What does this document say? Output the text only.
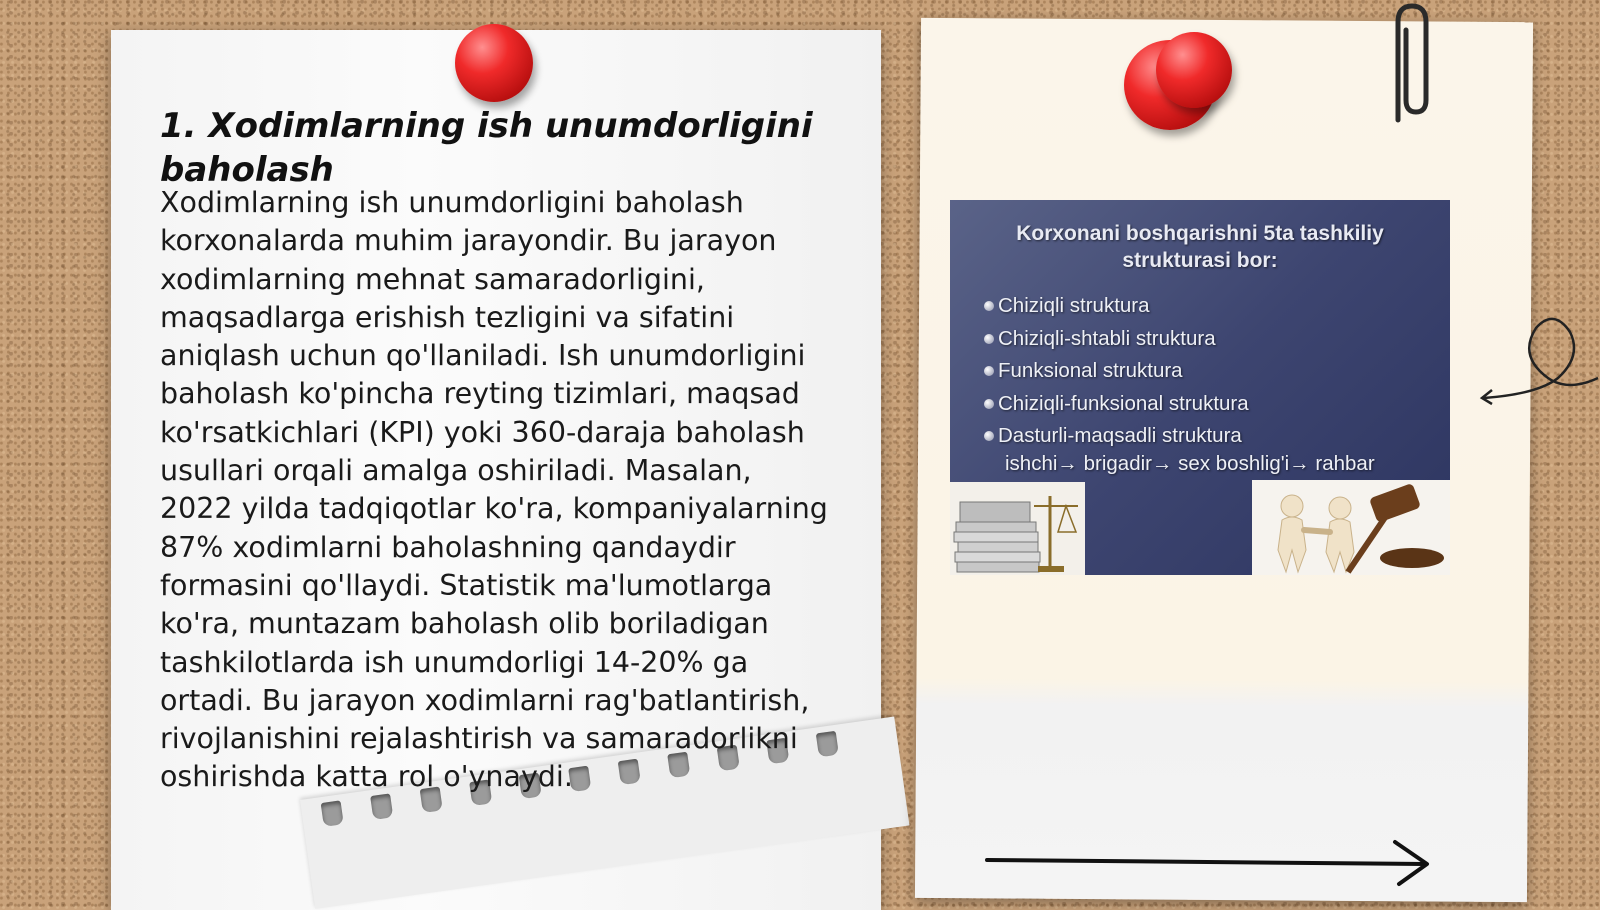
1. Xodimlarning ish unumdorligini baholash

Xodimlarning ish unumdorligini baholash korxonalarda muhim jarayondir. Bu jarayon xodimlarning mehnat samaradorligini, maqsadlarga erishish tezligini va sifatini aniqlash uchun qo'llaniladi. Ish unumdorligini baholash ko'pincha reyting tizimlari, maqsad ko'rsatkichlari (KPI) yoki 360-daraja baholash usullari orqali amalga oshiriladi. Masalan, 2022 yilda tadqiqotlar ko'ra, kompaniyalarning 87% xodimlarni baholashning qandaydir formasini qo'llaydi. Statistik ma'lumotlarga ko'ra, muntazam baholash olib boriladigan tashkilotlarda ish unumdorligi 14-20% ga ortadi. Bu jarayon xodimlarni rag'batlantirish, rivojlanishini rejalashtirish va samaradorlikni oshirishda katta rol o'ynaydi.

Korxonani boshqarishni 5ta tashkiliy strukturasi bor:
Chiziqli struktura
Chiziqli-shtabli struktura
Funksional struktura
Chiziqli-funksional struktura
Dasturli-maqsadli struktura
ishchi→ brigadir→ sex boshlig'i→ rahbar
